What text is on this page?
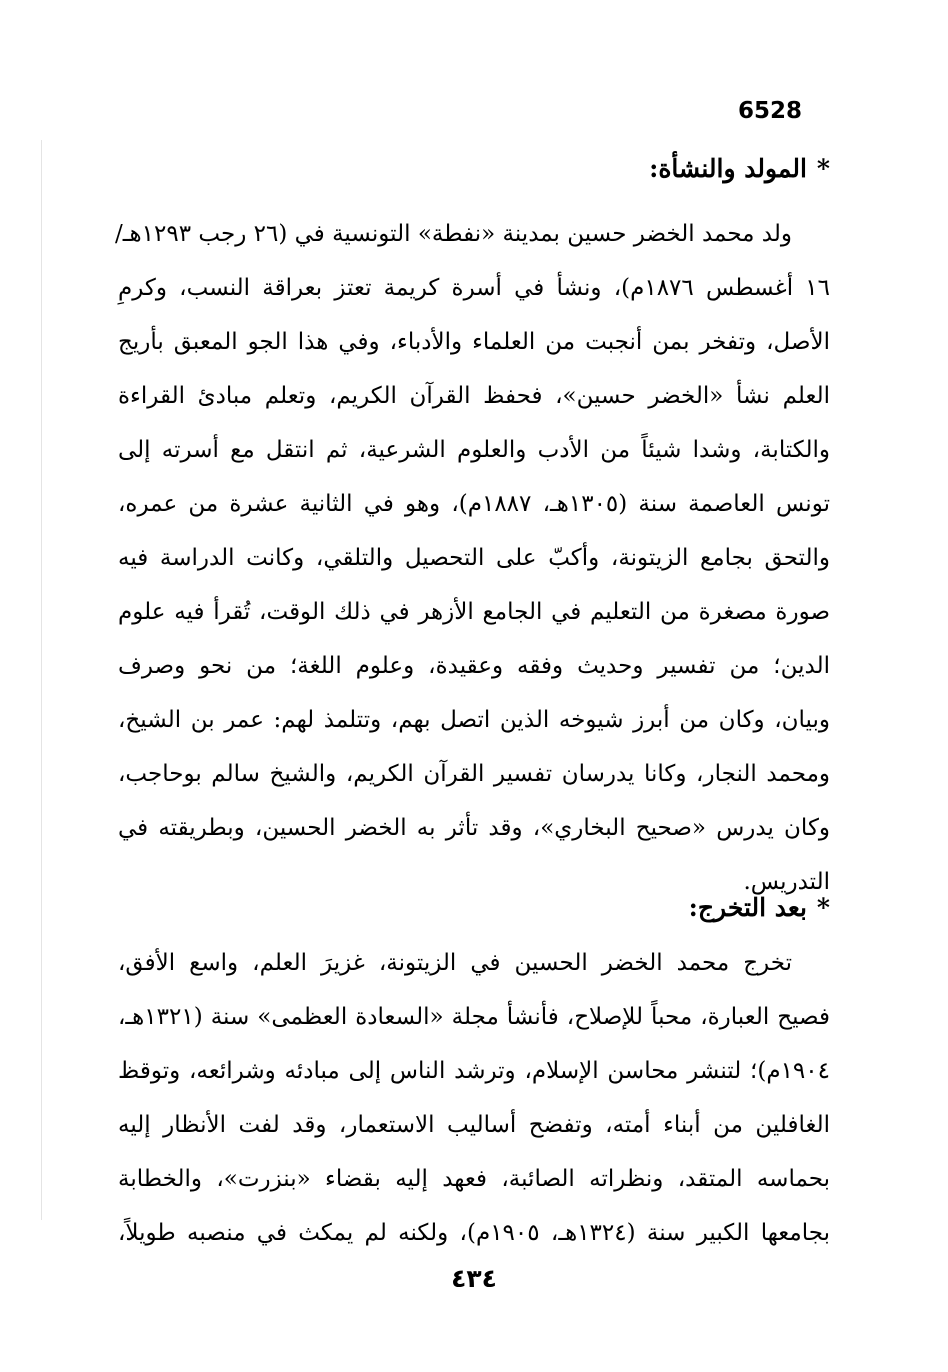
6528
*المولد والنشأة:
ولد محمد الخضر حسين بمدينة «نفطة» التونسية في (٢٦ رجب ١٢٩٣هـ/
١٦ أغسطس ١٨٧٦م)، ونشأ في أسرة كريمة تعتز بعراقة النسب، وكرمِ
الأصل، وتفخر بمن أنجبت من العلماء والأدباء، وفي هذا الجو المعبق بأريج
العلم نشأ «الخضر حسين»، فحفظ القرآن الكريم، وتعلم مبادئ القراءة
والكتابة، وشدا شيئاً من الأدب والعلوم الشرعية، ثم انتقل مع أسرته إلى
تونس العاصمة سنة (١٣٠٥هـ، ١٨٨٧م)، وهو في الثانية عشرة من عمره،
والتحق بجامع الزيتونة، وأكبّ على التحصيل والتلقي، وكانت الدراسة فيه
صورة مصغرة من التعليم في الجامع الأزهر في ذلك الوقت، تُقرأ فيه علوم
الدين؛ من تفسير وحديث وفقه وعقيدة، وعلوم اللغة؛ من نحو وصرف
وبيان، وكان من أبرز شيوخه الذين اتصل بهم، وتتلمذ لهم: عمر بن الشيخ،
ومحمد النجار، وكانا يدرسان تفسير القرآن الكريم، والشيخ سالم بوحاجب،
وكان يدرس «صحيح البخاري»، وقد تأثر به الخضر الحسين، وبطريقته في
التدريس.
*بعد التخرج:
تخرج محمد الخضر الحسين في الزيتونة، غزيرَ العلم، واسع الأفق،
فصيح العبارة، محباً للإصلاح، فأنشأ مجلة «السعادة العظمى» سنة (١٣٢١هـ،
١٩٠٤م)؛ لتنشر محاسن الإسلام، وترشد الناس إلى مبادئه وشرائعه، وتوقظ
الغافلين من أبناء أمته، وتفضح أساليب الاستعمار، وقد لفت الأنظار إليه
بحماسه المتقد، ونظراته الصائبة، فعهد إليه بقضاء «بنزرت»، والخطابة
بجامعها الكبير سنة (١٣٢٤هـ، ١٩٠٥م)، ولكنه لم يمكث في منصبه طويلاً،
٤٣٤
